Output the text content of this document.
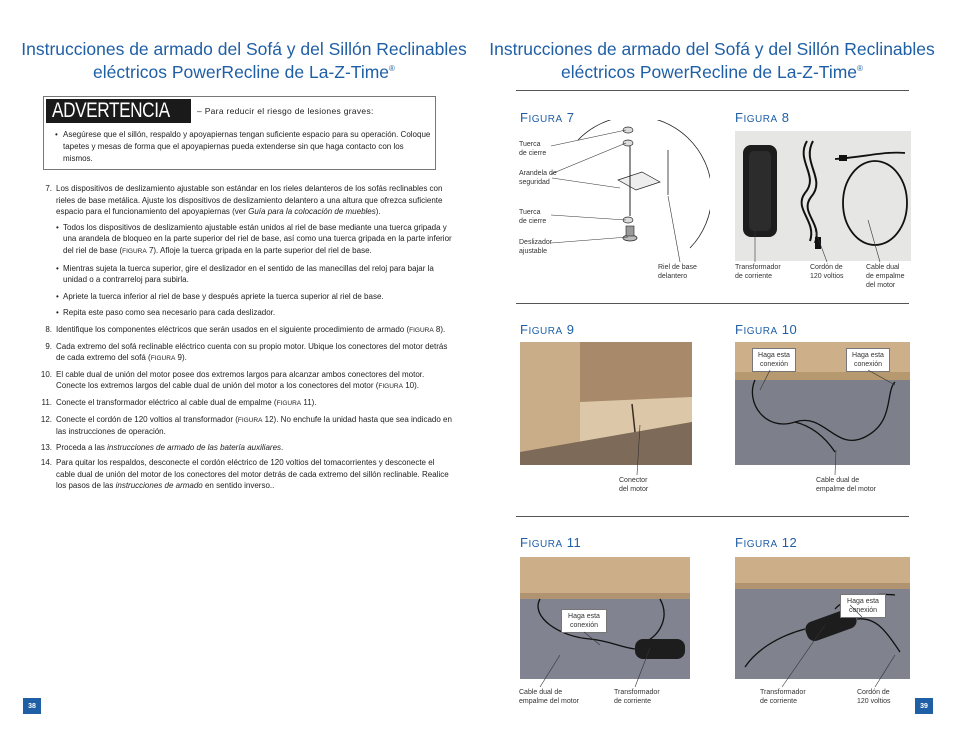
Instrucciones de armado del Sofá y del Sillón Reclinables
eléctricos PowerRecline de La-Z-Time®
ADVERTENCIA	– Para reducir el riesgo de lesiones graves:
• Asegúrese que el sillón, respaldo y apoyapiernas tengan suficiente espacio para su operación. Coloque tapetes y mesas de forma que el apoyapiernas pueda extenderse sin que haga contacto con los mismos.
7. Los dispositivos de deslizamiento ajustable son estándar en los rieles delanteros de los sofás reclinables con rieles de base metálica. Ajuste los dispositivos de deslizamiento delantero a una altura que ofrezca suficiente espacio para el funcionamiento del apoyapiernas (ver Guía para la colocación de muebles).
• Todos los dispositivos de deslizamiento ajustable están unidos al riel de base mediante una tuerca gripada y una arandela de bloqueo en la parte superior del riel de base, así como una tuerca gripada en la parte inferior del riel de base (FIGURA 7). Afloje la tuerca gripada en la parte superior del riel de base.
• Mientras sujeta la tuerca superior, gire el deslizador en el sentido de las manecillas del reloj para bajar la unidad o a contrarreloj para subirla.
• Apriete la tuerca inferior al riel de base y después apriete la tuerca superior al riel de base.
• Repita este paso como sea necesario para cada deslizador.
8. Identifique los componentes eléctricos que serán usados en el siguiente procedimiento de armado (FIGURA 8).
9. Cada extremo del sofá reclinable eléctrico cuenta con su propio motor. Ubique los conectores del motor detrás de cada extremo del sofá (FIGURA 9).
10. El cable dual de unión del motor posee dos extremos largos para alcanzar ambos conectores del motor. Conecte los extremos largos del cable dual de unión del motor a los conectores del motor (FIGURA 10).
11. Conecte el transformador eléctrico al cable dual de empalme (FIGURA 11).
12. Conecte el cordón de 120 voltios al transformador (FIGURA 12). No enchufe la unidad hasta que sea indicado en las instrucciones de operación.
13. Proceda a las instrucciones de armado de las batería auxiliares.
14. Para quitar los respaldos, desconecte el cordón eléctrico de 120 voltios del tomacorrientes y desconecte el cable dual de unión del motor de los conectores del motor detrás de cada extremo del sillón reclinable. Realice los pasos de las instrucciones de armado en sentido inverso..
38
Instrucciones de armado del Sofá y del Sillón Reclinables
eléctricos PowerRecline de La-Z-Time®
FIGURA 7	FIGURA 8
FIGURA 9	FIGURA 10
FIGURA 11	FIGURA 12
Haga esta
conexión
Haga esta
conexión
Haga esta
conexión
Haga esta
conexión
Tuerca
de cierre
Arandela de
seguridad
Tuerca
de cierre
Deslizador
ajustable
Riel de base
delantero
Transformador
de corriente
Cordón de
120 voltios
Cable dual
de empalme
del motor
Conector
del motor
Cable dual de
empalme del motor
Cable dual de
empalme del motor
Transformador
de corriente
Transformador
de corriente
Cordón de
120 voltios
39
